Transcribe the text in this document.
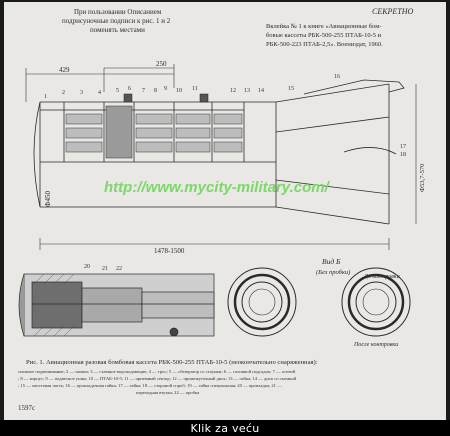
При пользовании Описанием
подрисуночные подписи к рис. 1 и 2
поменять местами
СЕКРЕТНО
Вклейка № 1 к книге «Авиационные бом-
бовые кассеты РБК-500-255 ПТАБ-10-5 и
РБК-500-223 ПТАБ-2,5». Воениздат, 1960.
429
250
1478-1500
Ф450
Ф53,7-570
1
2	3	4	5 6 7 8 9 10 11	12 13 14	15
16
17
18
20 21 22
http://www.mycity-military.com/
Вид Б
(Без пробки)
До контровки
После контровки
Рис. 1. Авиационная разовая бомбовая кассета РБК-500-255 ПТАБ-10-5 (неокончательно снаряженная):
съемное подвешивание; 2 — чашки; 3 — съемное водоподающие; 4 — трос; 5 — обтюратор со стоунам; 6 — головной подсадок; 7 — осевой
; 8 — корпус; 9 — подвесное ушко; 10 — ПТАБ-10-5; 11 — приемный сектор; 12 — промежуточный диск; 13 — гайка; 14 — диск со съемной
; 15 — хвостовая часть; 16 — прокладочная гайка; 17 — гайка; 18 — стороной спроб; 19 — гайка специальная; 20 — прокладка; 21 —
переходная втулка; 22 — пробка
1597с
Klik za veću
